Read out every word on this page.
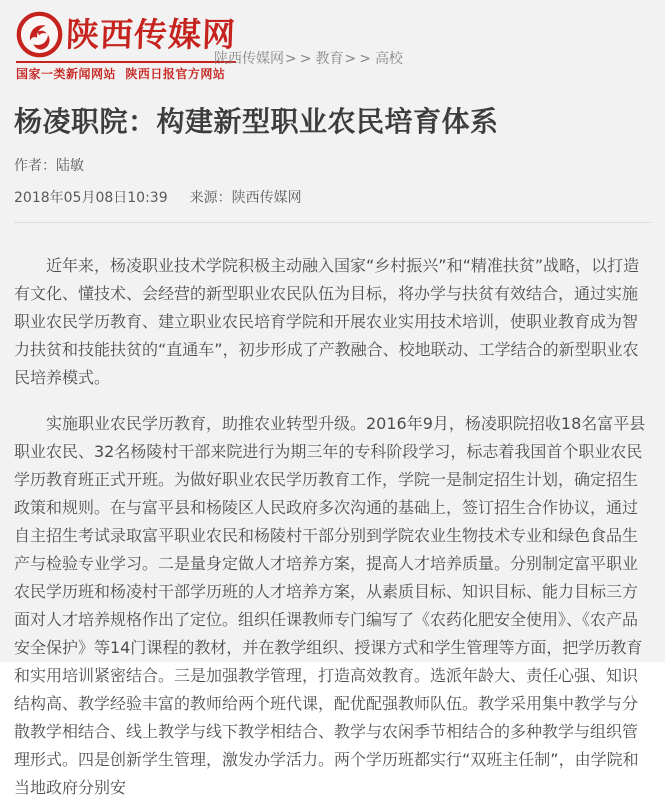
陕西传媒网
国家一类新闻网站  陕西日报官方网站
陕西传媒网>>教育>>高校
杨凌职院：构建新型职业农民培育体系
作者：陆敏
2018年05月08日10:39 来源：陕西传媒网

近年来，杨凌职业技术学院积极主动融入国家“乡村振兴”和“精准扶贫”战略，以打造有文化、懂技术、会经营的新型职业农民队伍为目标，将办学与扶贫有效结合，通过实施职业农民学历教育、建立职业农民培育学院和开展农业实用技术培训，使职业教育成为智力扶贫和技能扶贫的“直通车”，初步形成了产教融合、校地联动、工学结合的新型职业农民培养模式。

实施职业农民学历教育，助推农业转型升级。2016年9月，杨凌职院招收18名富平县职业农民、32名杨陵村干部来院进行为期三年的专科阶段学习，标志着我国首个职业农民学历教育班正式开班。为做好职业农民学历教育工作，学院一是制定招生计划，确定招生政策和规则。在与富平县和杨陵区人民政府多次沟通的基础上，签订招生合作协议，通过自主招生考试录取富平职业农民和杨陵村干部分别到学院农业生物技术专业和绿色食品生产与检验专业学习。二是量身定做人才培养方案，提高人才培养质量。分别制定富平职业农民学历班和杨凌村干部学历班的人才培养方案，从素质目标、知识目标、能力目标三方面对人才培养规格作出了定位。组织任课教师专门编写了《农药化肥安全使用》、《农产品安全保护》等14门课程的教材，并在教学组织、授课方式和学生管理等方面，把学历教育和实用培训紧密结合。三是加强教学管理，打造高效教育。选派年龄大、责任心强、知识结构高、教学经验丰富的教师给两个班代课，配优配强教师队伍。教学采用集中教学与分散教学相结合、线上教学与线下教学相结合、教学与农闲季节相结合的多种教学与组织管理形式。四是创新学生管理，激发办学活力。两个学历班都实行“双班主任制”，由学院和当地政府分别安
